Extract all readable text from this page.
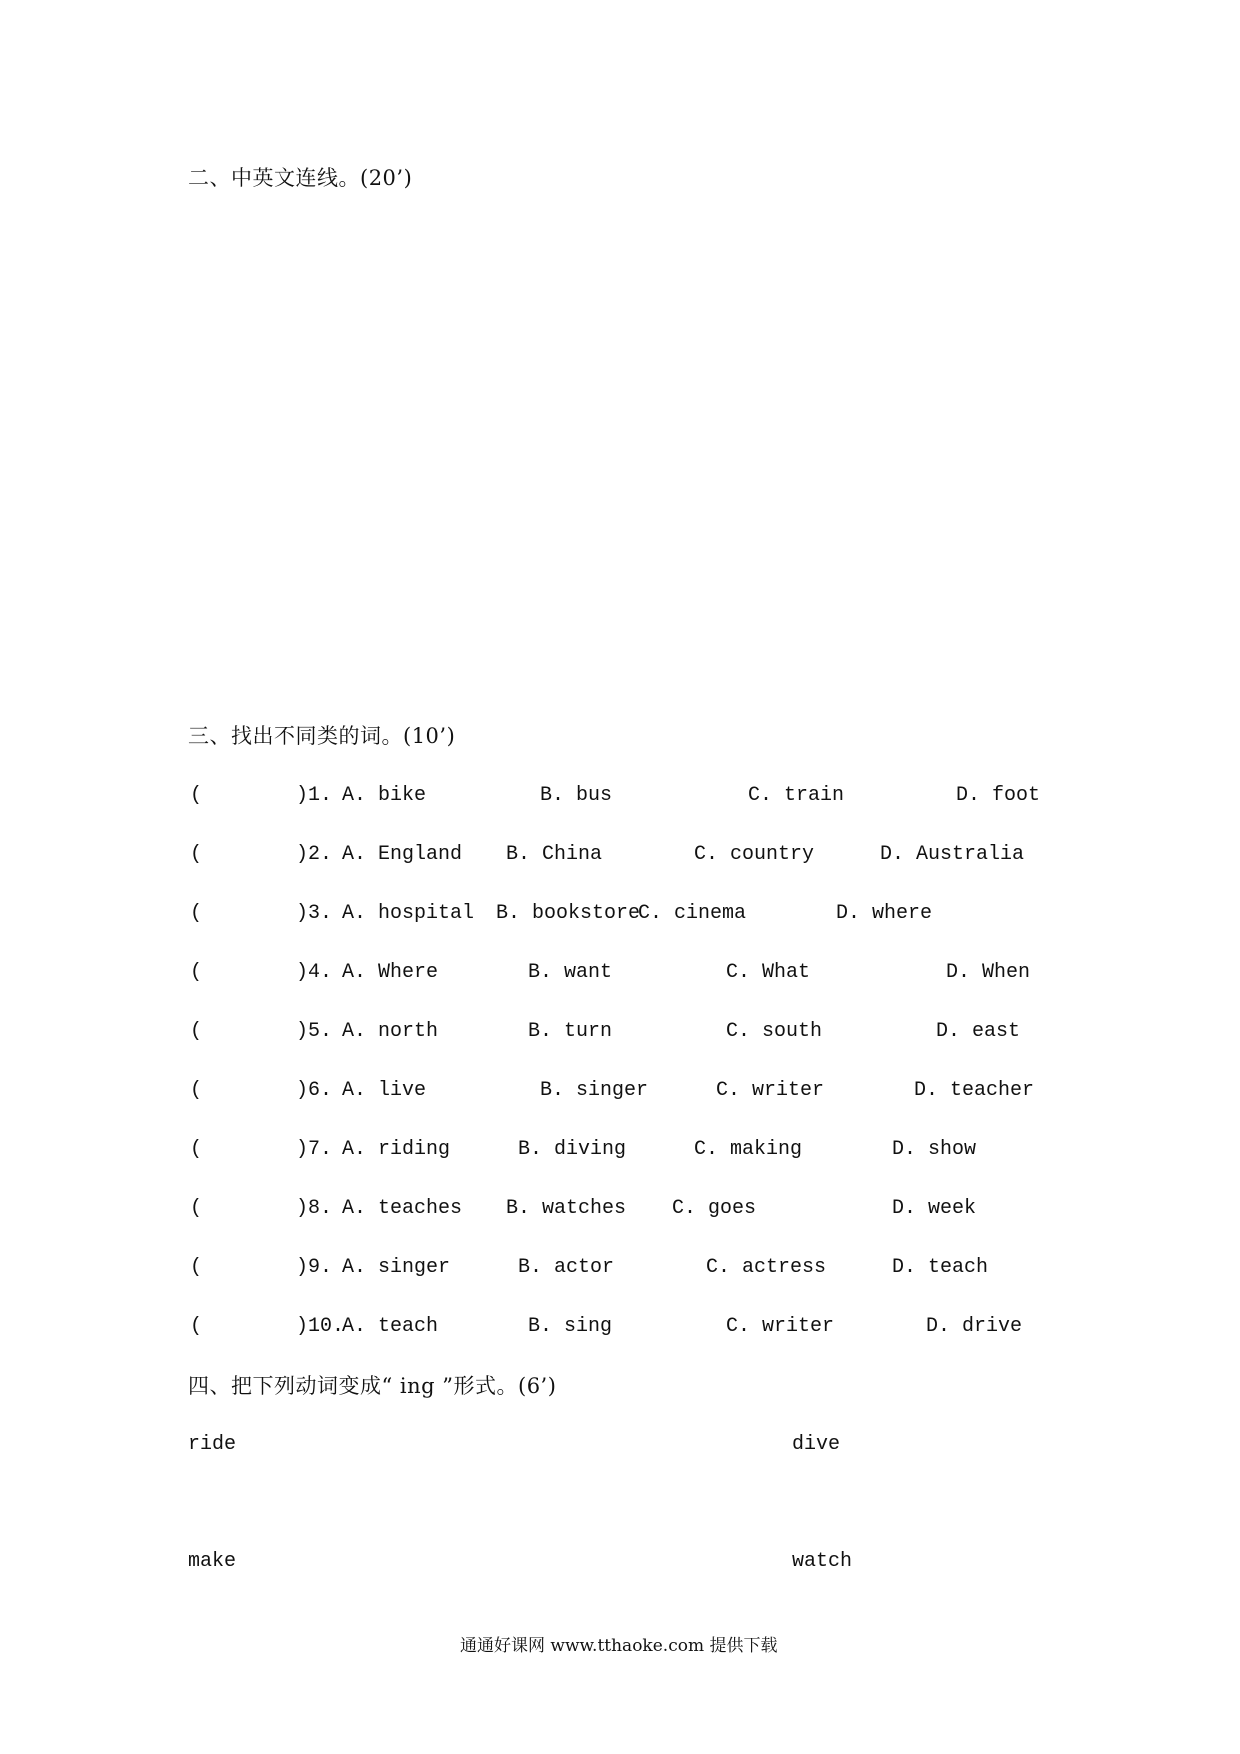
二、中英文连线。(20’)
三、找出不同类的词。(10’)
(	)1. A. bike	B. bus	C. train	D. foot
(	)2. A. England B. China	C. country	D. Australia
(	)3. A. hospital B. bookstore
C. cinema	D. where
(	)4. A. Where	B. want	C. What	D. When
(	)5. A. north	B. turn	C. south	D. east
(	)6. A. live	B. singer	C. writer	D. teacher
(	)7. A. riding	B. diving	C. making	D. show
(	)8. A. teaches B. watches C. goes	D. week
(	)9. A. singer	B. actor	C. actress	D. teach
(	)10.
A. teach	B. sing	C. writer	D. drive
四、把下列动词变成“ ing ”形式。(6’)
ride	dive
make	watch
通通好课网 www.tthaoke.com 提供下载
